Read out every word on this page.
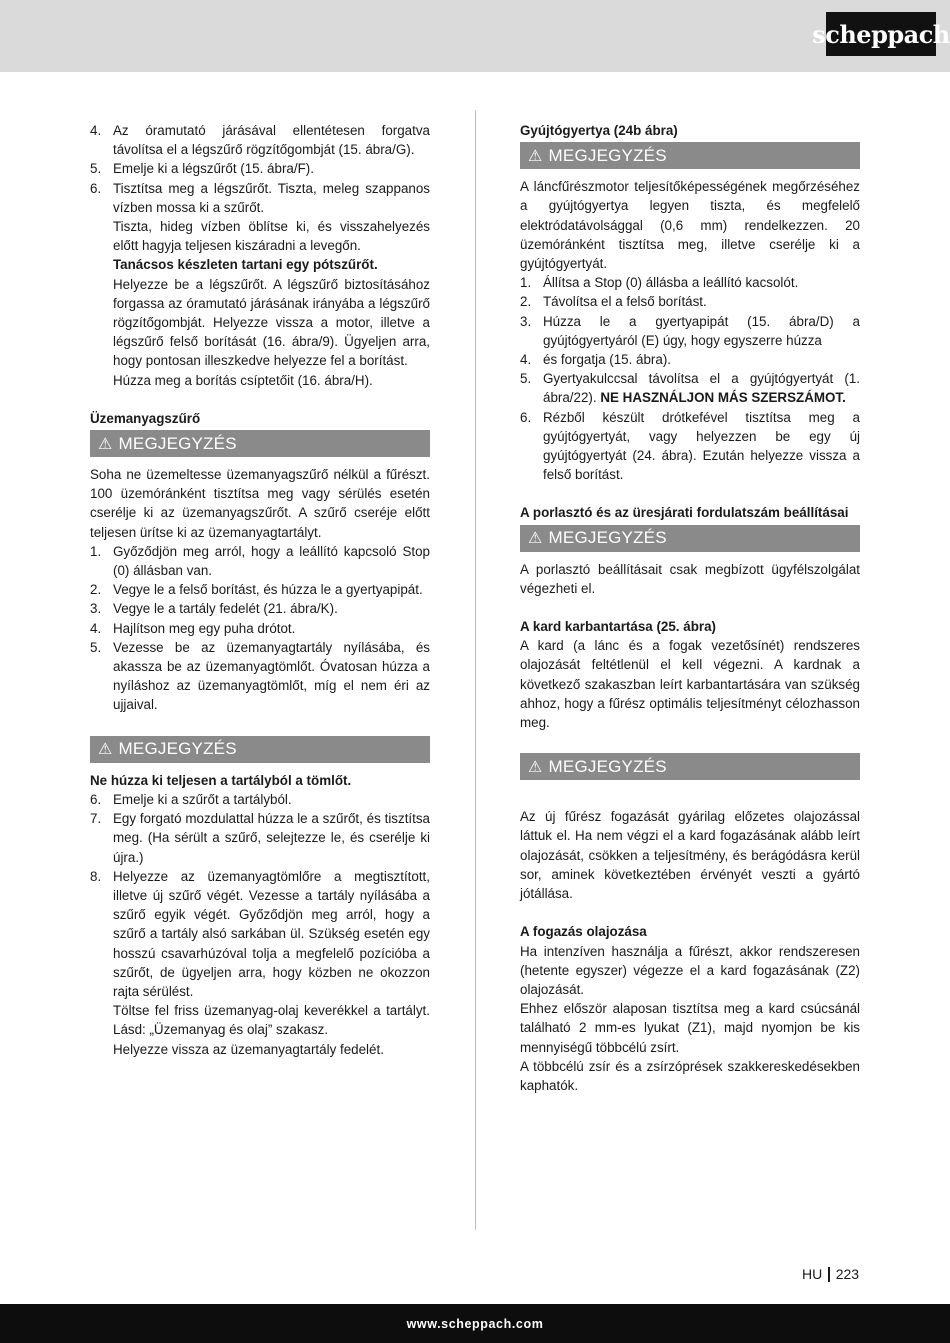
scheppach
4. Az óramutató járásával ellentétesen forgatva távolítsa el a légszűrő rögzítőgombját (15. ábra/G).
5. Emelje ki a légszűrőt (15. ábra/F).
6. Tisztítsa meg a légszűrőt. Tiszta, meleg szappanos vízben mossa ki a szűrőt.
Tiszta, hideg vízben öblítse ki, és visszahelyezés előtt hagyja teljesen kiszáradni a levegőn.
Tanácsos készleten tartani egy pótszűrőt.
Helyezze be a légszűrőt. A légszűrő biztosításához forgassa az óramutató járásának irányába a légszűrő rögzítőgombját. Helyezze vissza a motor, illetve a légszűrő felső borítását (16. ábra/9). Ügyeljen arra, hogy pontosan illeszkedve helyezze fel a borítást.
Húzza meg a borítás csíptetőit (16. ábra/H).
Üzemanyagszűrő
⚠ MEGJEGYZÉS

Soha ne üzemeltesse üzemanyagszűrő nélkül a fűrészt. 100 üzemóránként tisztítsa meg vagy sérülés esetén cserélje ki az üzemanyagszűrőt. A szűrő cseréje előtt teljesen ürítse ki az üzemanyagtartályt.

1. Győződjön meg arról, hogy a leállító kapcsoló Stop (0) állásban van.
2. Vegye le a felső borítást, és húzza le a gyertyapipát.
3. Vegye le a tartály fedelét (21. ábra/K).
4. Hajlítson meg egy puha drótot.
5. Vezesse be az üzemanyagtartály nyílásába, és akassza be az üzemanyagtömlőt. Óvatosan húzza a nyíláshoz az üzemanyagtömlőt, míg el nem éri az ujjaival.
⚠ MEGJEGYZÉS
Ne húzza ki teljesen a tartályból a tömlőt.
6. Emelje ki a szűrőt a tartályból.
7. Egy forgató mozdulattal húzza le a szűrőt, és tisztítsa meg. (Ha sérült a szűrő, selejtezze le, és cserélje ki újra.)
8. Helyezze az üzemanyagtömlőre a megtisztított, illetve új szűrő végét. Vezesse a tartály nyílásába a szűrő egyik végét. Győződjön meg arról, hogy a szűrő a tartály alsó sarkában ül. Szükség esetén egy hosszú csavarhúzóval tolja a megfelelő pozícióba a szűrőt, de ügyeljen arra, hogy közben ne okozzon rajta sérülést.
Töltse fel friss üzemanyag-olaj keverékkel a tartályt. Lásd: „Üzemanyag és olaj” szakasz.
Helyezze vissza az üzemanyagtartály fedelét.
Gyújtógyertya (24b ábra)
⚠ MEGJEGYZÉS

A láncfűrészmotor teljesítőképességének megőrzéséhez a gyújtógyertya legyen tiszta, és megfelelő elektródatávolsággal (0,6 mm) rendelkezzen. 20 üzemóránként tisztítsa meg, illetve cserélje ki a gyújtógyertyát.

1. Állítsa a Stop (0) állásba a leállító kacsolót.
2. Távolítsa el a felső borítást.
3. Húzza le a gyertyapipát (15. ábra/D) a gyújtógyertyáról (E) úgy, hogy egyszerre húzza
4. és forgatja (15. ábra).
5. Gyertyakulccsal távolítsa el a gyújtógyertyát (1. ábra/22). NE HASZNÁLJON MÁS SZERSZÁMOT.
6. Rézből készült drótkefével tisztítsa meg a gyújtógyertyát, vagy helyezzen be egy új gyújtógyertyát (24. ábra). Ezután helyezze vissza a felső borítást.
A porlasztó és az üresjárati fordulatszám beállításai
⚠ MEGJEGYZÉS

A porlasztó beállításait csak megbízott ügyfélszolgálat végezheti el.

A kard karbantartása (25. ábra)

A kard (a lánc és a fogak vezetősínét) rendszeres olajozását feltétlenül el kell végezni. A kardnak a következő szakaszban leírt karbantartására van szükség ahhoz, hogy a fűrész optimális teljesítményt célozhasson meg.

⚠ MEGJEGYZÉS

Az új fűrész fogazását gyárilag előzetes olajozással láttuk el. Ha nem végzi el a kard fogazásának alább leírt olajozását, csökken a teljesítmény, és berágódásra kerül sor, aminek következtében érvényét veszti a gyártó jótállása.

A fogazás olajozása

Ha intenzíven használja a fűrészt, akkor rendszeresen (hetente egyszer) végezze el a kard fogazásának (Z2) olajozását.

Ehhez először alaposan tisztítsa meg a kard csúcsánál található 2 mm-es lyukat (Z1), majd nyomjon be kis mennyiségű többcélú zsírt.

A többcélú zsír és a zsírzóprések szakkereskedésekben kaphatók.

HU 223
www.scheppach.com
